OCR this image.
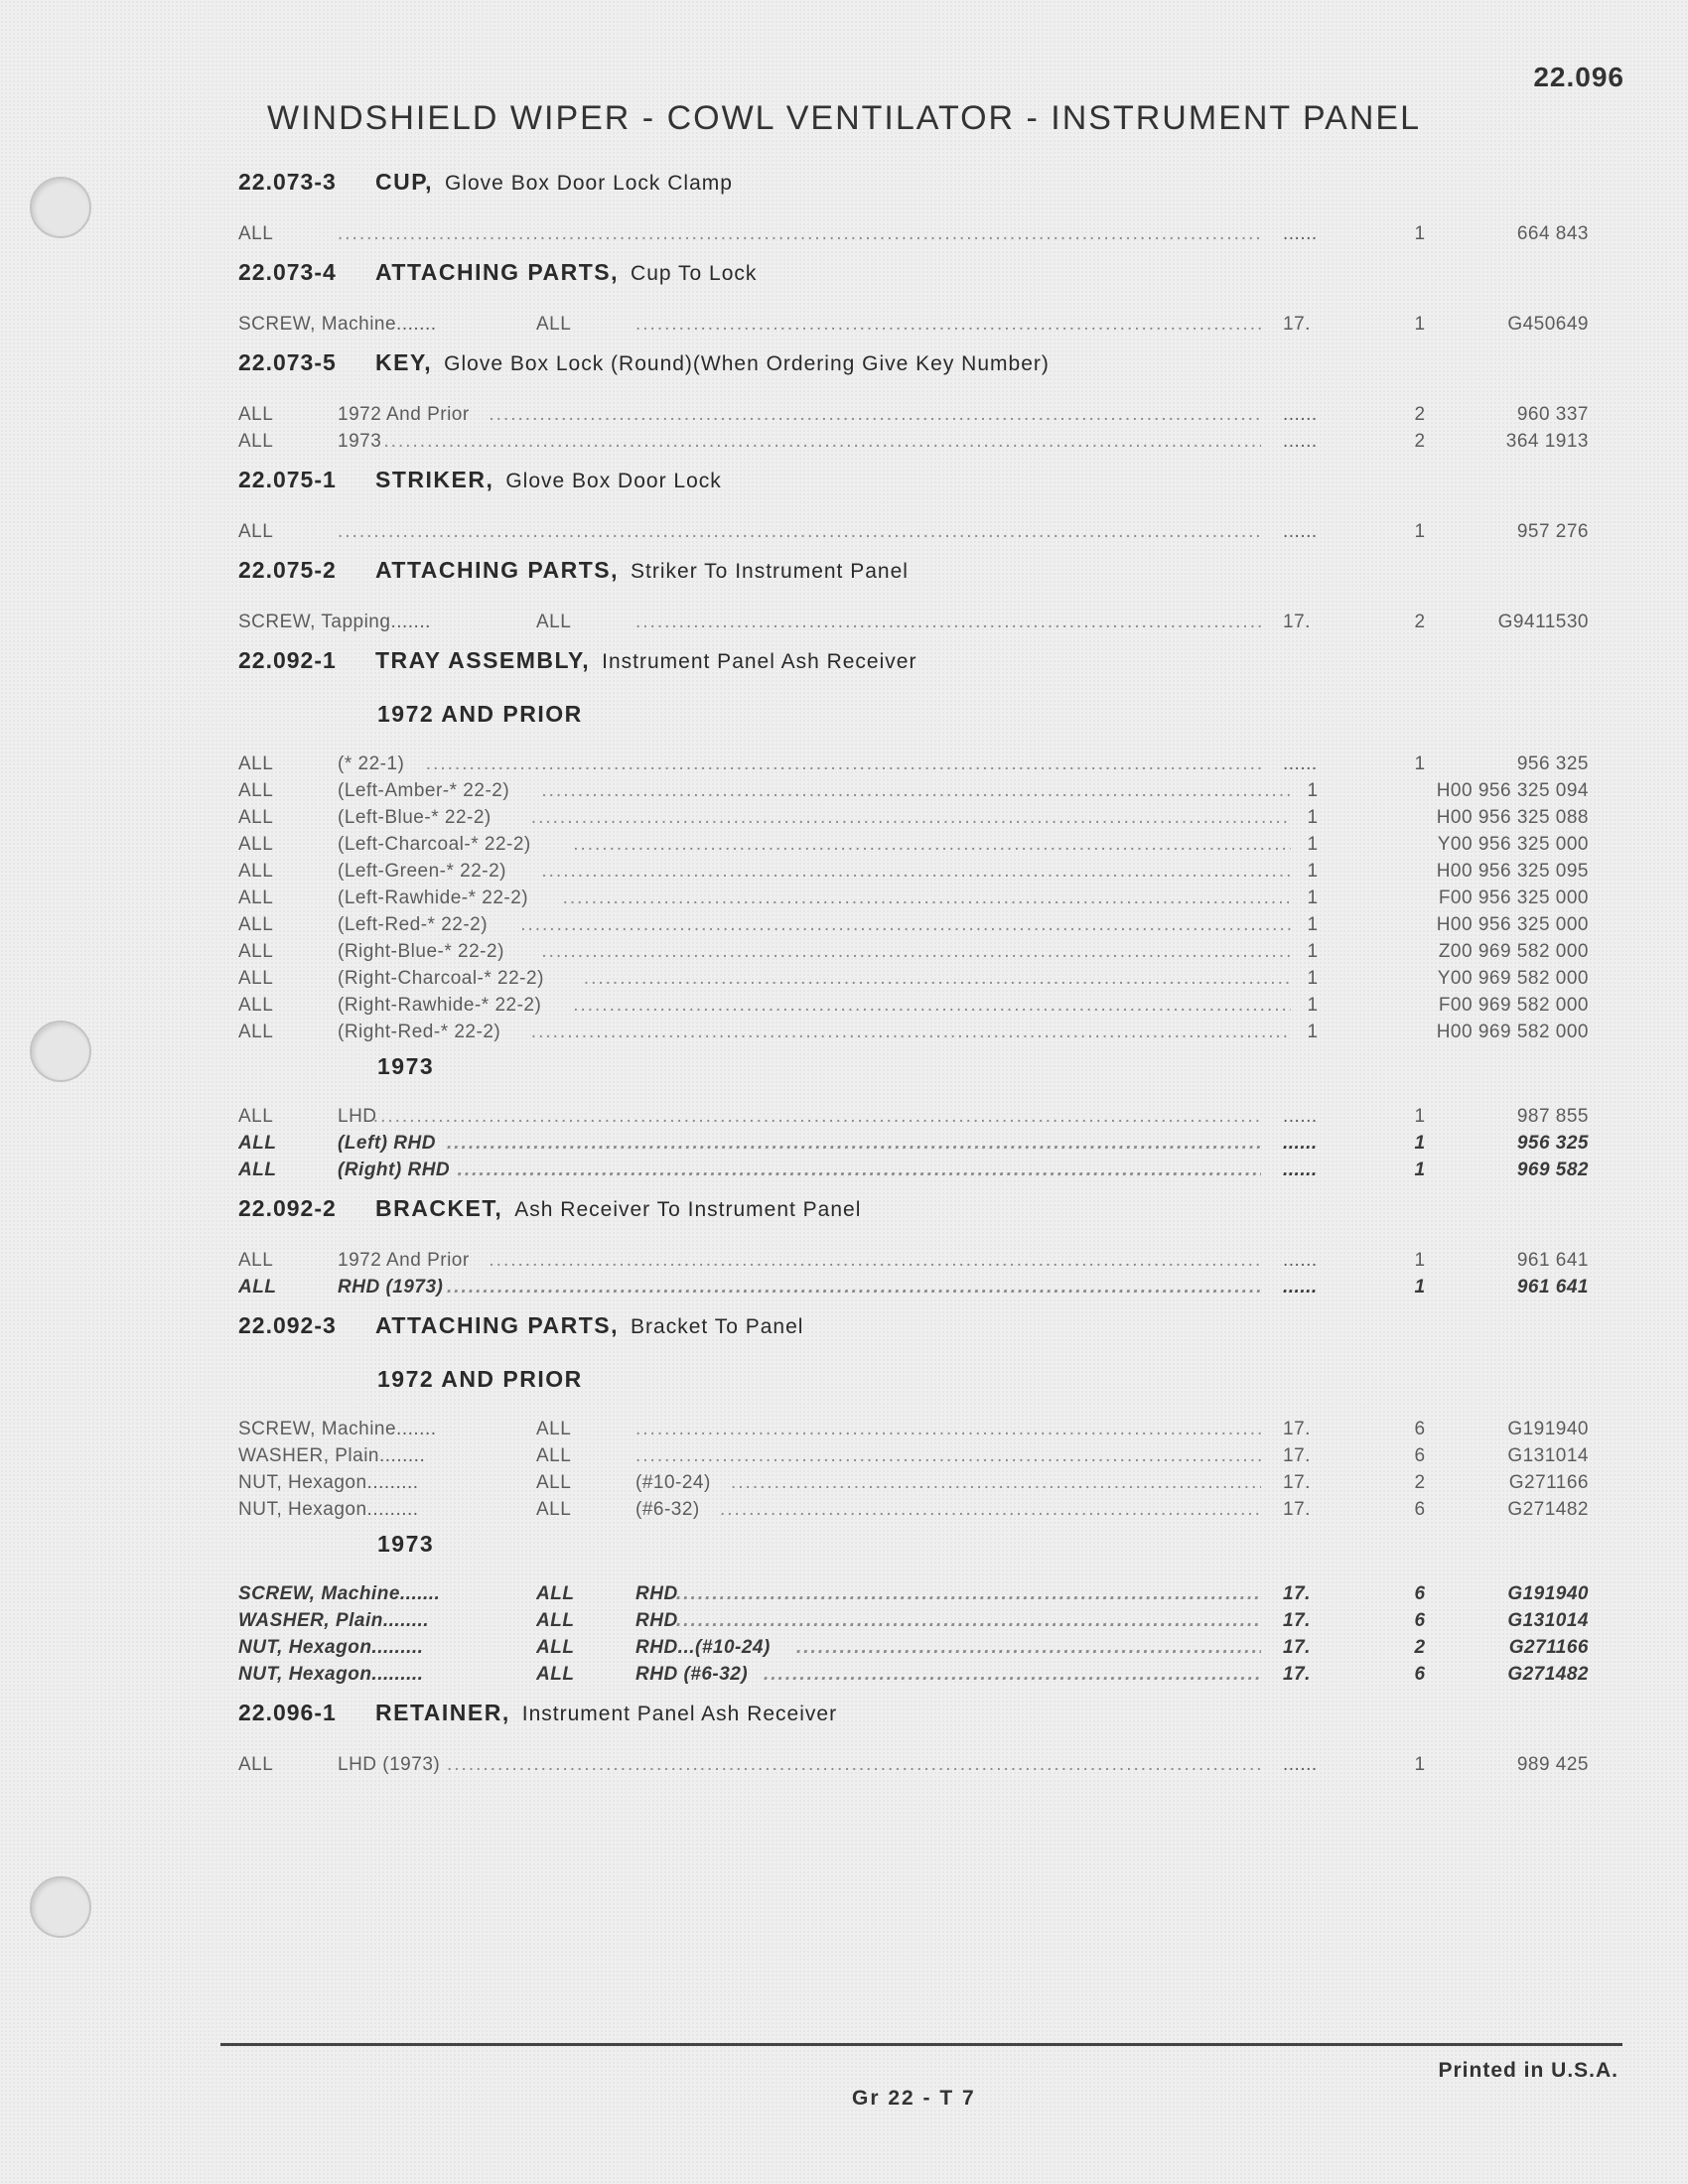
22.096
WINDSHIELD WIPER - COWL VENTILATOR - INSTRUMENT PANEL
22.073-3	CUP, Glove Box Door Lock Clamp
ALL .....	......	1	664 843
22.073-4	ATTACHING PARTS, Cup To Lock
SCREW, Machine.......	ALL .....	17.	1	G450649
22.073-5	KEY, Glove Box Lock (Round)(When Ordering Give Key Number)
ALL	1972 And Prior .....	......	2	960 337
ALL	1973 .....	......	2	364 1913
22.075-1	STRIKER, Glove Box Door Lock
ALL .....	......	1	957 276
22.075-2	ATTACHING PARTS, Striker To Instrument Panel
SCREW, Tapping.......	ALL .....	17.	2	G9411530
22.092-1	TRAY ASSEMBLY, Instrument Panel Ash Receiver
1972 AND PRIOR
ALL	(* 22-1) .....	......	1	956 325
ALL	(Left-Amber-* 22-2) .....	1	H00 956 325 094
ALL	(Left-Blue-* 22-2) .....	1	H00 956 325 088
ALL	(Left-Charcoal-* 22-2) .....	1	Y00 956 325 000
ALL	(Left-Green-* 22-2) .....	1	H00 956 325 095
ALL	(Left-Rawhide-* 22-2) .....	1	F00 956 325 000
ALL	(Left-Red-* 22-2) .....	1	H00 956 325 000
ALL	(Right-Blue-* 22-2) .....	1	Z00 969 582 000
ALL	(Right-Charcoal-* 22-2) .....	1	Y00 969 582 000
ALL	(Right-Rawhide-* 22-2) .....	1	F00 969 582 000
ALL	(Right-Red-* 22-2) .....	1	H00 969 582 000
1973
ALL	LHD .....	......	1	987 855
ALL	(Left) RHD .....	......	1	956 325
ALL	(Right) RHD .....	......	1	969 582
22.092-2	BRACKET, Ash Receiver To Instrument Panel
ALL	1972 And Prior .....	......	1	961 641
ALL	RHD (1973) .....	......	1	961 641
22.092-3	ATTACHING PARTS, Bracket To Panel
1972 AND PRIOR
SCREW, Machine.......	ALL .....	17.	6	G191940
WASHER, Plain........	ALL .....	17.	6	G131014
NUT, Hexagon.........	ALL	(#10-24) .....	17.	2	G271166
NUT, Hexagon.........	ALL	(#6-32) .....	17.	6	G271482
1973
SCREW, Machine.......	ALL	RHD .....	17.	6	G191940
WASHER, Plain........	ALL	RHD .....	17.	6	G131014
NUT, Hexagon.........	ALL	RHD...(#10-24) .....	17.	2	G271166
NUT, Hexagon.........	ALL	RHD (#6-32) .....	17.	6	G271482
22.096-1	RETAINER, Instrument Panel Ash Receiver
ALL	LHD (1973) .....	......	1	989 425
Printed in U.S.A.
Gr 22 - T 7
